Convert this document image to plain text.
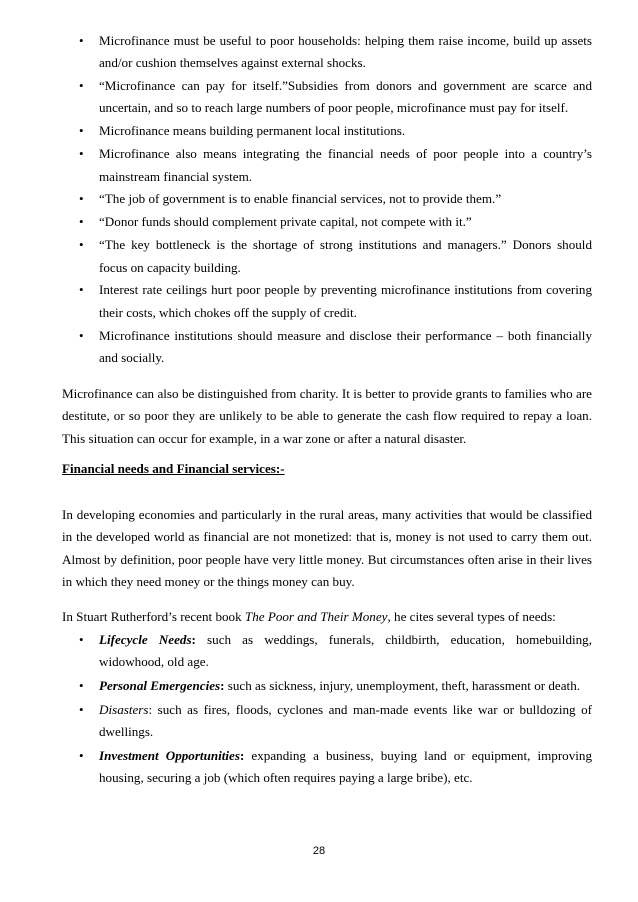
• Microfinance must be useful to poor households: helping them raise income, build up assets and/or cushion themselves against external shocks.
• “Microfinance can pay for itself.”Subsidies from donors and government are scarce and uncertain, and so to reach large numbers of poor people, microfinance must pay for itself.
• Microfinance means building permanent local institutions.
• Microfinance also means integrating the financial needs of poor people into a country’s mainstream financial system.
• “The job of government is to enable financial services, not to provide them.”
• “Donor funds should complement private capital, not compete with it.”
• “The key bottleneck is the shortage of strong institutions and managers.” Donors should focus on capacity building.
• Interest rate ceilings hurt poor people by preventing microfinance institutions from covering their costs, which chokes off the supply of credit.
• Microfinance institutions should measure and disclose their performance – both financially and socially.

Microfinance can also be distinguished from charity. It is better to provide grants to families who are destitute, or so poor they are unlikely to be able to generate the cash flow required to repay a loan. This situation can occur for example, in a war zone or after a natural disaster.

Financial needs and Financial services:-

In developing economies and particularly in the rural areas, many activities that would be classified in the developed world as financial are not monetized: that is, money is not used to carry them out. Almost by definition, poor people have very little money. But circumstances often arise in their lives in which they need money or the things money can buy.

In Stuart Rutherford’s recent book The Poor and Their Money, he cites several types of needs:

• Lifecycle Needs: such as weddings, funerals, childbirth, education, homebuilding, widowhood, old age.
• Personal Emergencies: such as sickness, injury, unemployment, theft, harassment or death.
• Disasters: such as fires, floods, cyclones and man-made events like war or bulldozing of dwellings.
• Investment Opportunities: expanding a business, buying land or equipment, improving housing, securing a job (which often requires paying a large bribe), etc.
28
